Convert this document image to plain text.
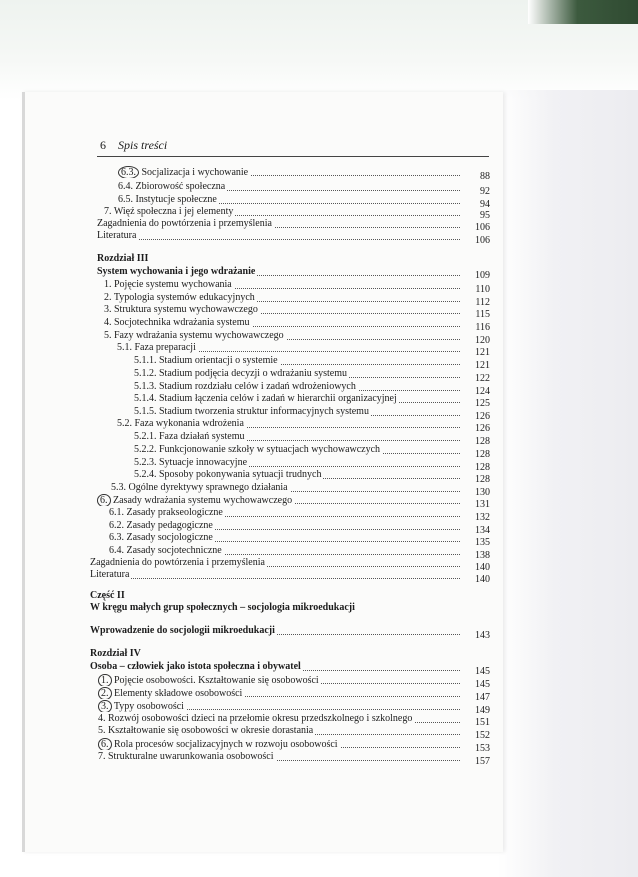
6 Spis treści
6.3. Socjalizacja i wychowanie	88
6.4. Zbiorowość społeczna	92
6.5. Instytucje społeczne	94
7. Więź społeczna i jej elementy	95
Zagadnienia do powtórzenia i przemyślenia	106
Literatura	106
Rozdział III
System wychowania i jego wdrażanie	109
1. Pojęcie systemu wychowania	110
2. Typologia systemów edukacyjnych	112
3. Struktura systemu wychowawczego	115
4. Socjotechnika wdrażania systemu	116
5. Fazy wdrażania systemu wychowawczego	120
5.1. Faza preparacji	121
5.1.1. Stadium orientacji o systemie	121
5.1.2. Stadium podjęcia decyzji o wdrażaniu systemu	122
5.1.3. Stadium rozdziału celów i zadań wdrożeniowych	124
5.1.4. Stadium łączenia celów i zadań w hierarchii organizacyjnej	125
5.1.5. Stadium tworzenia struktur informacyjnych systemu	126
5.2. Faza wykonania wdrożenia	126
5.2.1. Faza działań systemu	128
5.2.2. Funkcjonowanie szkoły w sytuacjach wychowawczych	128
5.2.3. Sytuacje innowacyjne	128
5.2.4. Sposoby pokonywania sytuacji trudnych	128
5.3. Ogólne dyrektywy sprawnego działania	130
6. Zasady wdrażania systemu wychowawczego	131
6.1. Zasady prakseologiczne	132
6.2. Zasady pedagogiczne	134
6.3. Zasady socjologiczne	135
6.4. Zasady socjotechniczne	138
Zagadnienia do powtórzenia i przemyślenia	140
Literatura	140
Część II
W kręgu małych grup społecznych – socjologia mikroedukacji
Wprowadzenie do socjologii mikroedukacji	143
Rozdział IV
Osoba – człowiek jako istota społeczna i obywatel	145
1. Pojęcie osobowości. Kształtowanie się osobowości	145
2. Elementy składowe osobowości	147
3. Typy osobowości	149
4. Rozwój osobowości dzieci na przełomie okresu przedszkolnego i szkolnego	151
5. Kształtowanie się osobowości w okresie dorastania	152
6. Rola procesów socjalizacyjnych w rozwoju osobowości	153
7. Strukturalne uwarunkowania osobowości	157
